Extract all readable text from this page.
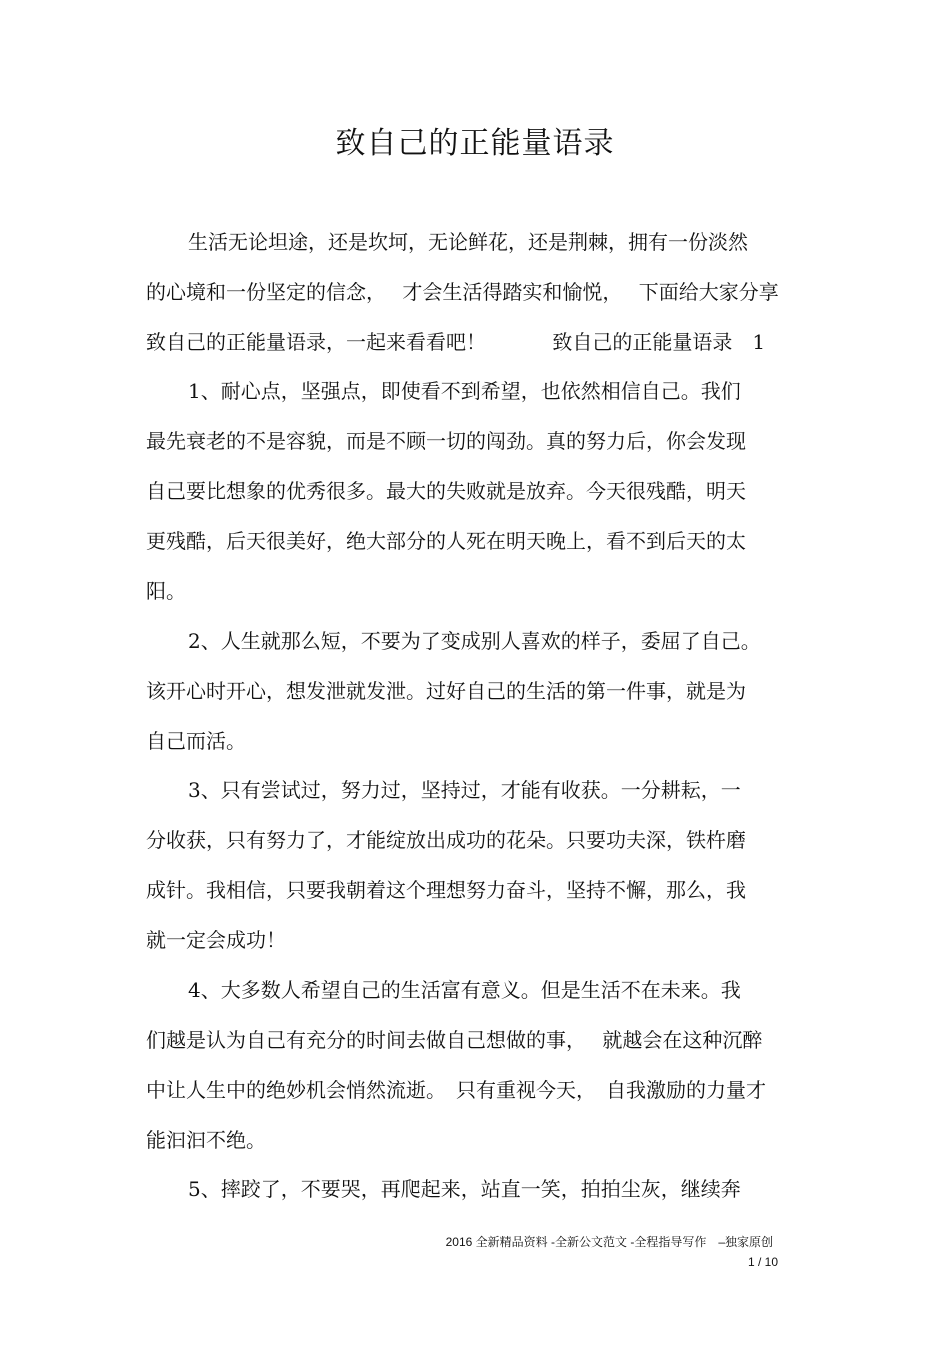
致自己的正能量语录
生活无论坦途，还是坎坷，无论鲜花，还是荆棘，拥有一份淡然
的心境和一份坚定的信念，　 才会生活得踏实和愉悦，　 下面给大家分享
致自己的正能量语录，一起来看看吧！　　　 致自己的正能量语录　1
1、耐心点，坚强点，即使看不到希望，也依然相信自己。我们
最先衰老的不是容貌，而是不顾一切的闯劲。真的努力后，你会发现
自己要比想象的优秀很多。最大的失败就是放弃。今天很残酷，明天
更残酷，后天很美好，绝大部分的人死在明天晚上，看不到后天的太
阳。
2、人生就那么短，不要为了变成别人喜欢的样子，委屈了自己。
该开心时开心，想发泄就发泄。过好自己的生活的第一件事，就是为
自己而活。
3、只有尝试过，努力过，坚持过，才能有收获。一分耕耘，一
分收获，只有努力了，才能绽放出成功的花朵。只要功夫深，铁杵磨
成针。我相信，只要我朝着这个理想努力奋斗，坚持不懈，那么，我
就一定会成功！
4、大多数人希望自己的生活富有意义。但是生活不在未来。我
们越是认为自己有充分的时间去做自己想做的事，　 就越会在这种沉醉
中让人生中的绝妙机会悄然流逝。　只有重视今天，　自我激励的力量才
能汩汩不绝。
5、摔跤了，不要哭，再爬起来，站直一笑，拍拍尘灰，继续奔
2016 全新精品资料 -全新公文范文 -全程指导写作　–独家原创
1 / 10
